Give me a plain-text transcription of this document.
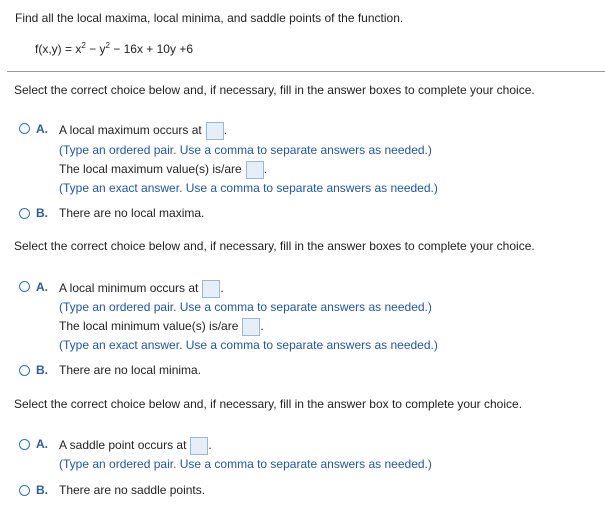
Find all the local maxima, local minima, and saddle points of the function.
$f(x,y) = x^2 - y^2 - 16x + 10y +6$
Select the correct choice below and, if necessary, fill in the answer boxes to complete your choice.
A. A local maximum occurs at .
(Type an ordered pair. Use a comma to separate answers as needed.)
The local maximum value(s) is/are .
(Type an exact answer. Use a comma to separate answers as needed.)
B. There are no local maxima.
Select the correct choice below and, if necessary, fill in the answer boxes to complete your choice.
A. A local minimum occurs at .
(Type an ordered pair. Use a comma to separate answers as needed.)
The local minimum value(s) is/are .
(Type an exact answer. Use a comma to separate answers as needed.)
B. There are no local minima.
Select the correct choice below and, if necessary, fill in the answer box to complete your choice.
A. A saddle point occurs at .
(Type an ordered pair. Use a comma to separate answers as needed.)
B. There are no saddle points.
